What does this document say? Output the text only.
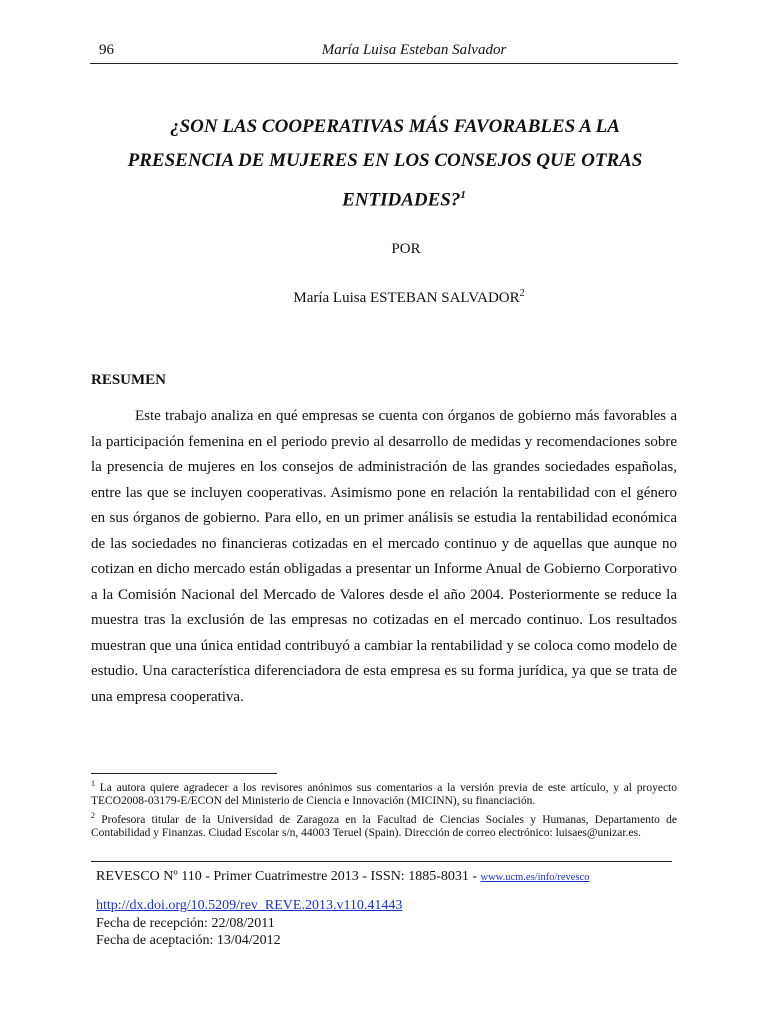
96	María Luisa Esteban Salvador
¿SON LAS COOPERATIVAS MÁS FAVORABLES A LA
PRESENCIA DE MUJERES EN LOS CONSEJOS QUE OTRAS
ENTIDADES?$^1$
POR
María Luisa ESTEBAN SALVADOR$^2$
RESUMEN

Este trabajo analiza en qué empresas se cuenta con órganos de gobierno más favorables a la participación femenina en el periodo previo al desarrollo de medidas y recomendaciones sobre la presencia de mujeres en los consejos de administración de las grandes sociedades españolas, entre las que se incluyen cooperativas. Asimismo pone en relación la rentabilidad con el género en sus órganos de gobierno. Para ello, en un primer análisis se estudia la rentabilidad económica de las sociedades no financieras cotizadas en el mercado continuo y de aquellas que aunque no cotizan en dicho mercado están obligadas a presentar un Informe Anual de Gobierno Corporativo a la Comisión Nacional del Mercado de Valores desde el año 2004. Posteriormente se reduce la muestra tras la exclusión de las empresas no cotizadas en el mercado continuo. Los resultados muestran que una única entidad contribuyó a cambiar la rentabilidad y se coloca como modelo de estudio. Una característica diferenciadora de esta empresa es su forma jurídica, ya que se trata de una empresa cooperativa.

$^1$ La autora quiere agradecer a los revisores anónimos sus comentarios a la versión previa de este artículo, y al proyecto TECO2008-03179-E/ECON del Ministerio de Ciencia e Innovación (MICINN), su financiación.

$^2$ Profesora titular de la Universidad de Zaragoza en la Facultad de Ciencias Sociales y Humanas, Departamento de Contabilidad y Finanzas. Ciudad Escolar s/n, 44003 Teruel (Spain). Dirección de correo electrónico: luisaes@unizar.es.

REVESCO Nº 110 - Primer Cuatrimestre 2013 - ISSN: 1885-8031 - www.ucm.es/info/revesco
http://dx.doi.org/10.5209/rev_REVE.2013.v110.41443
Fecha de recepción: 22/08/2011
Fecha de aceptación: 13/04/2012
